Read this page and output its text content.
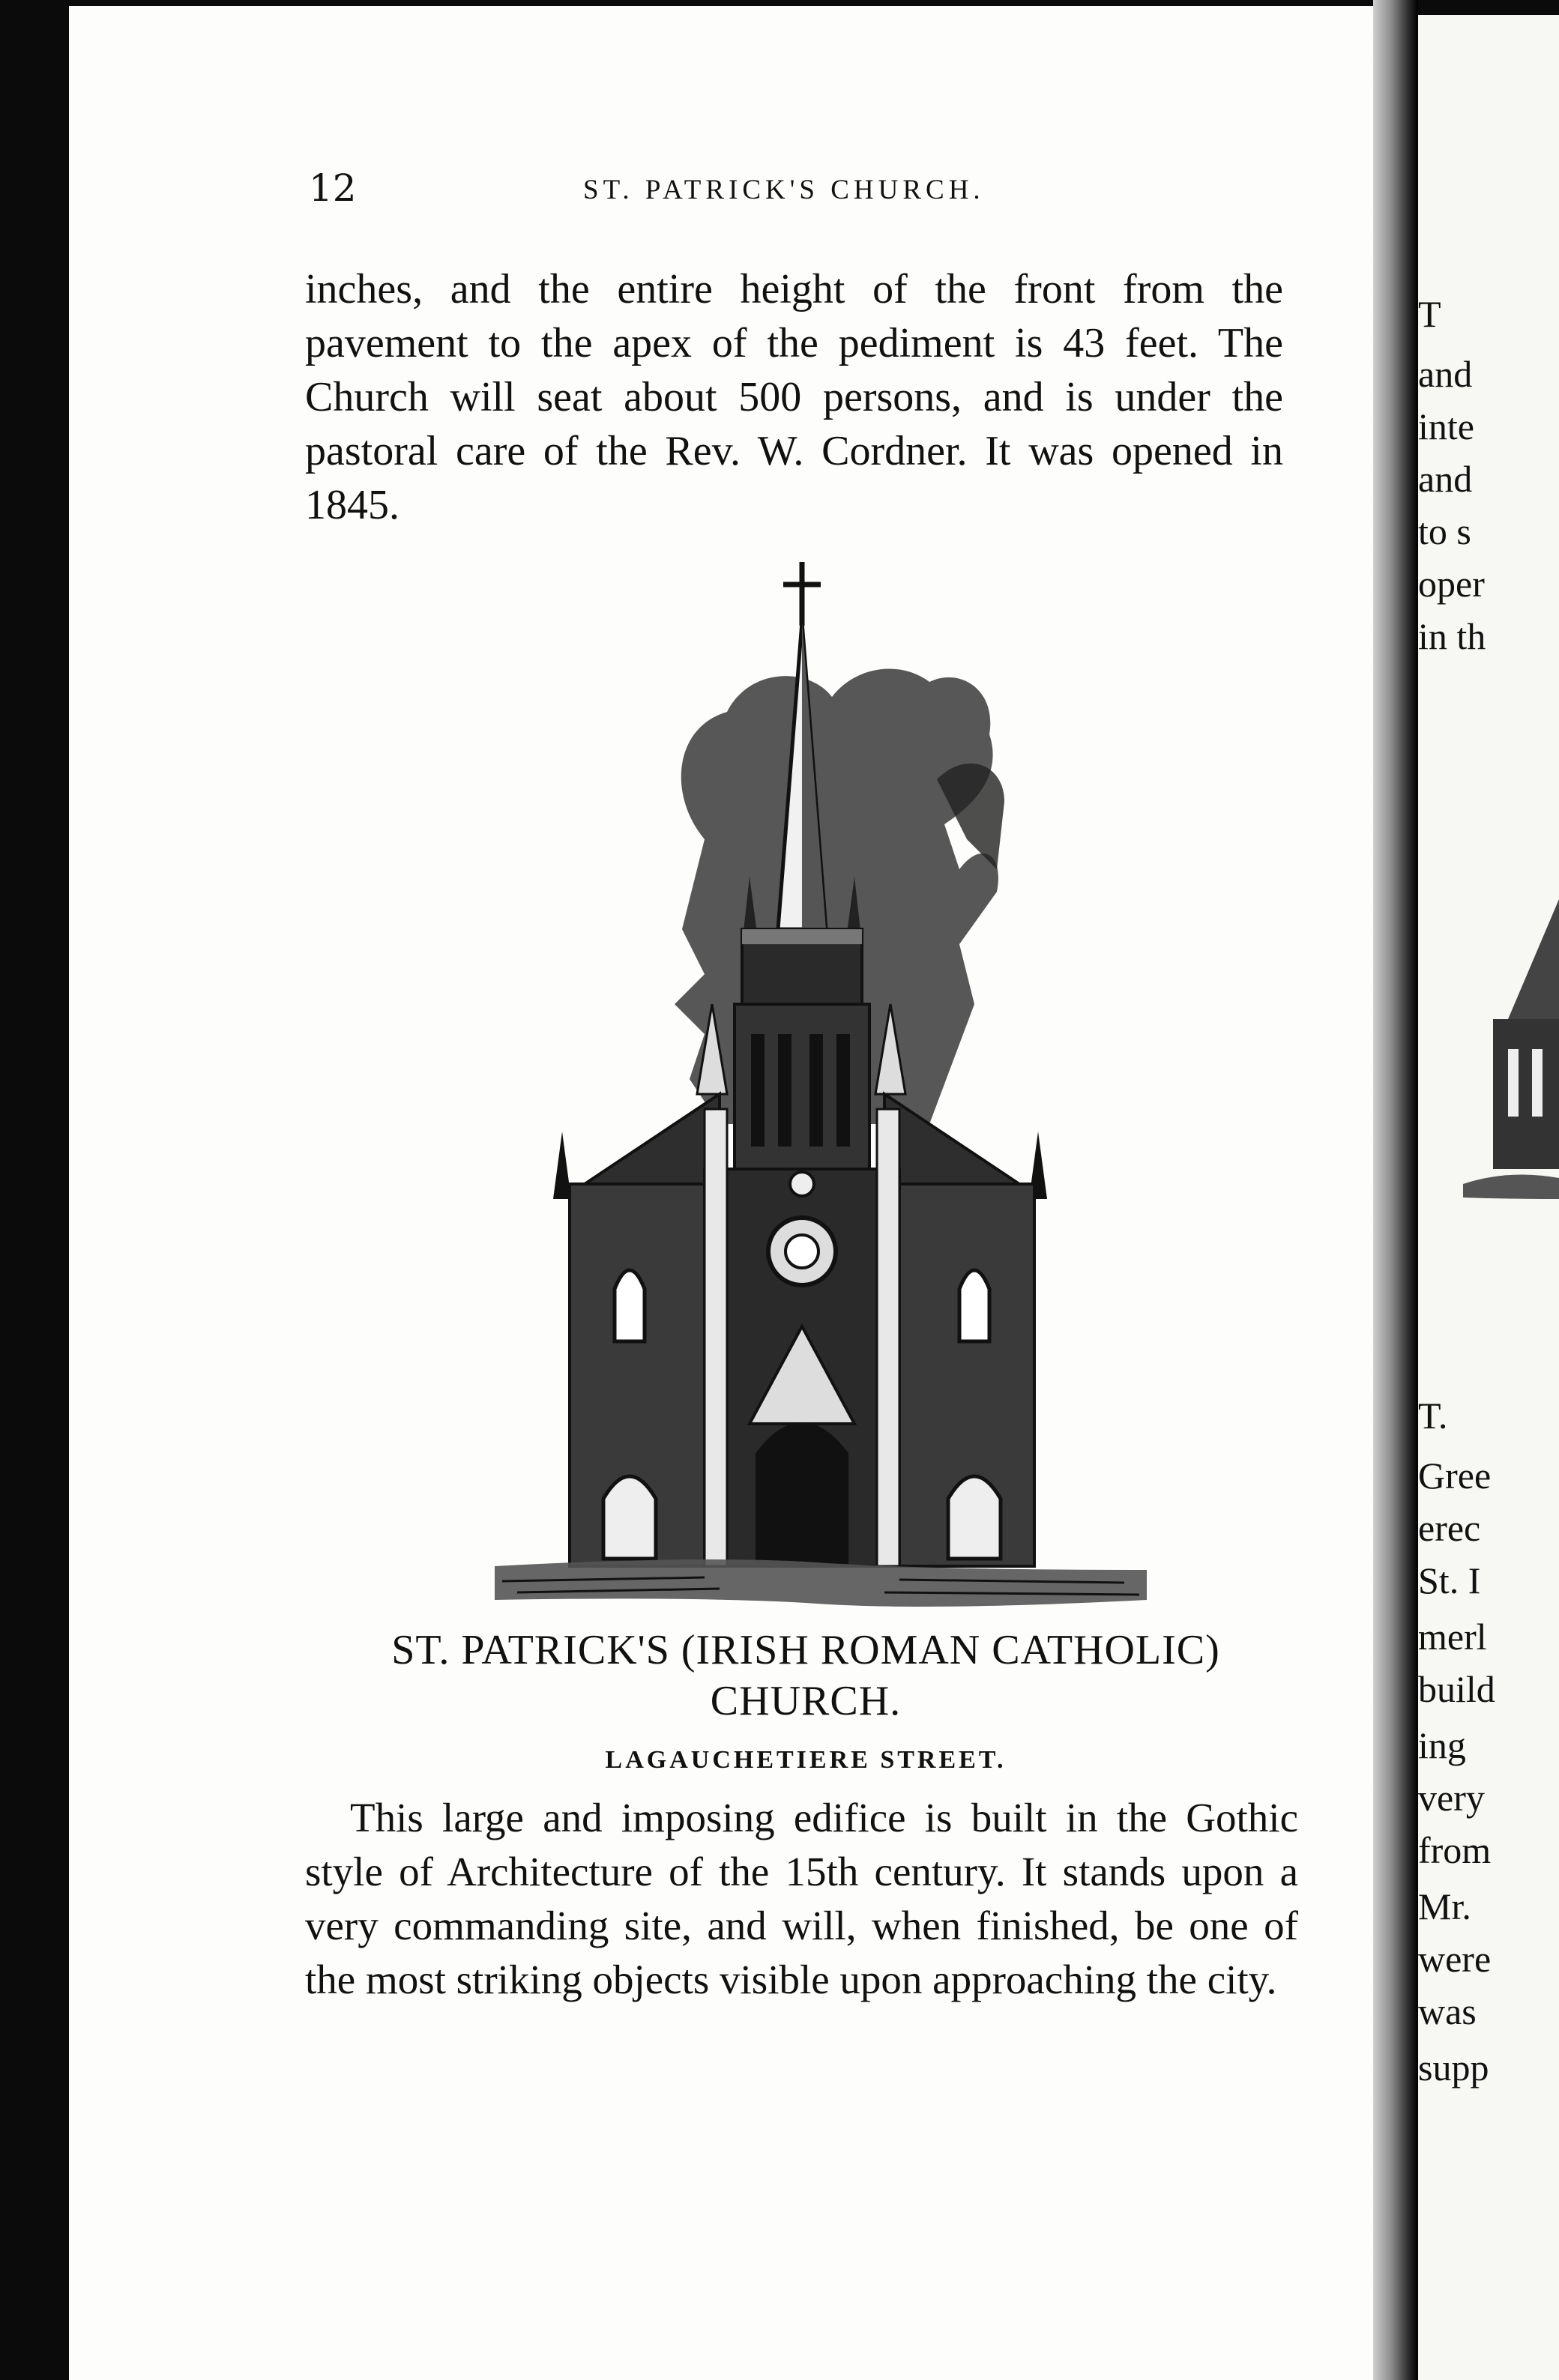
12	ST. PATRICK'S CHURCH.

inches, and the entire height of the front from the pavement to the apex of the pediment is 43 feet. The Church will seat about 500 persons, and is under the pastoral care of the Rev. W. Cordner. It was opened in 1845.

ST. PATRICK'S (IRISH ROMAN CATHOLIC)
CHURCH.
LAGAUCHETIERE STREET.

This large and imposing edifice is built in the Gothic style of Architecture of the 15th century. It stands upon a very commanding site, and will, when finished, be one of the most striking objects visible upon approaching the city.

T
and
inte
and
to s
oper
in th
T.
Gree
erec
St. I
merl
build
ing
very
from
Mr.
were
was
supp
